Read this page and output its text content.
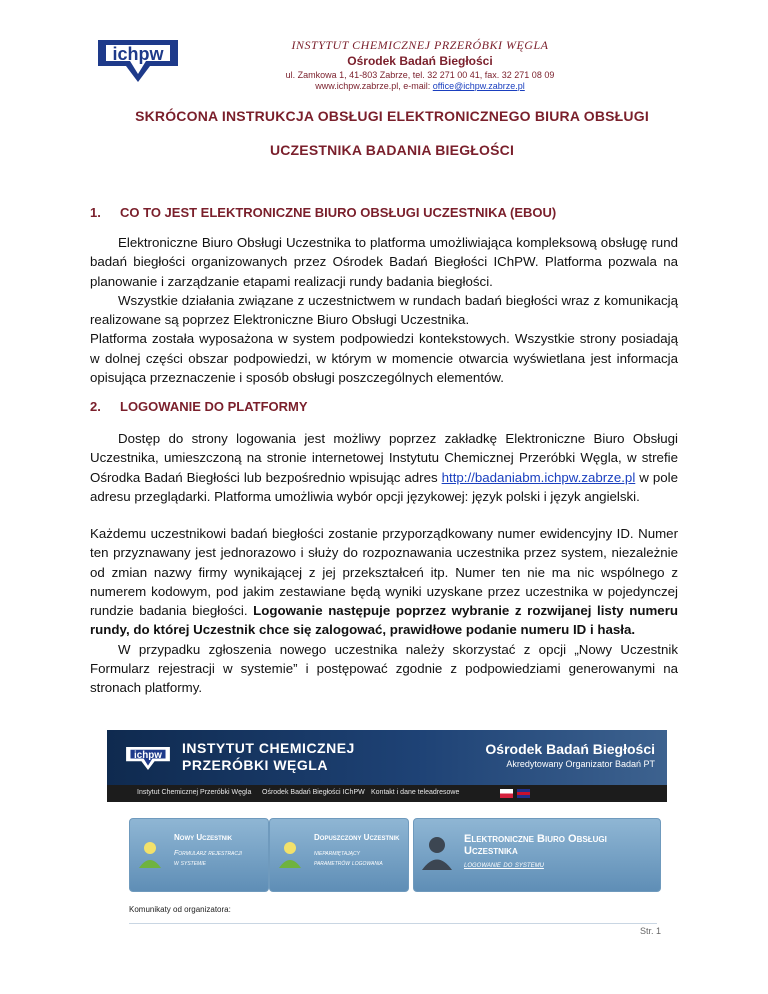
ichpw	INSTYTUT CHEMICZNEJ PRZERÓBKI WĘGLA
Ośrodek Badań Biegłości
ul. Zamkowa 1, 41-803 Zabrze, tel. 32 271 00 41, fax. 32 271 08 09
www.ichpw.zabrze.pl, e-mail: office@ichpw.zabrze.pl
SKRÓCONA INSTRUKCJA OBSŁUGI ELEKTRONICZNEGO BIURA OBSŁUGI
UCZESTNIKA BADANIA BIEGŁOŚCI
1. CO TO JEST ELEKTRONICZNE BIURO OBSŁUGI UCZESTNIKA (EBOU)

Elektroniczne Biuro Obsługi Uczestnika to platforma umożliwiająca kompleksową obsługę rund badań biegłości organizowanych przez Ośrodek Badań Biegłości IChPW. Platforma pozwala na planowanie i zarządzanie etapami realizacji rundy badania biegłości.

Wszystkie działania związane z uczestnictwem w rundach badań biegłości wraz z komunikacją realizowane są poprzez Elektroniczne Biuro Obsługi Uczestnika.

Platforma została wyposażona w system podpowiedzi kontekstowych. Wszystkie strony posiadają w dolnej części obszar podpowiedzi, w którym w momencie otwarcia wyświetlana jest informacja opisująca przeznaczenie i sposób obsługi poszczególnych elementów.

2. LOGOWANIE DO PLATFORMY

Dostęp do strony logowania jest możliwy poprzez zakładkę Elektroniczne Biuro Obsługi Uczestnika, umieszczoną na stronie internetowej Instytutu Chemicznej Przeróbki Węgla, w strefie Ośrodka Badań Biegłości lub bezpośrednio wpisując adres http://badaniabm.ichpw.zabrze.pl w pole adresu przeglądarki. Platforma umożliwia wybór opcji językowej: język polski i język angielski.

Każdemu uczestnikowi badań biegłości zostanie przyporządkowany numer ewidencyjny ID. Numer ten przyznawany jest jednorazowo i służy do rozpoznawania uczestnika przez system, niezależnie od zmian nazwy firmy wynikającej z jej przekształceń itp. Numer ten nie ma nic wspólnego z numerem kodowym, pod jakim zestawiane będą wyniki uzyskane przez uczestnika w pojedynczej rundzie badania biegłości. Logowanie następuje poprzez wybranie z rozwijanej listy numeru rundy, do której Uczestnik chce się zalogować, prawidłowe podanie numeru ID i hasła.

W przypadku zgłoszenia nowego uczestnika należy skorzystać z opcji „Nowy Uczestnik Formularz rejestracji w systemie” i postępować zgodnie z podpowiedziami generowanymi na stronach platformy.

ichpw INSTYTUT CHEMICZNEJ
PRZERÓBKI WĘGLA
Ośrodek Badań Biegłości
Akredytowany Organizator Badań PT
Instytut Chemicznej Przeróbki Węgla Ośrodek Badań Biegłości IChPW Kontakt i dane teleadresowe
Nowy Uczestnik
Formularz rejestracji
w systemie
Dopuszczony Uczestnik
nieparmiętający
parametrów logowania
Elektroniczne Biuro Obsługi Uczestnika
logowanie do systemu
Komunikaty od organizatora:
Str. 1
